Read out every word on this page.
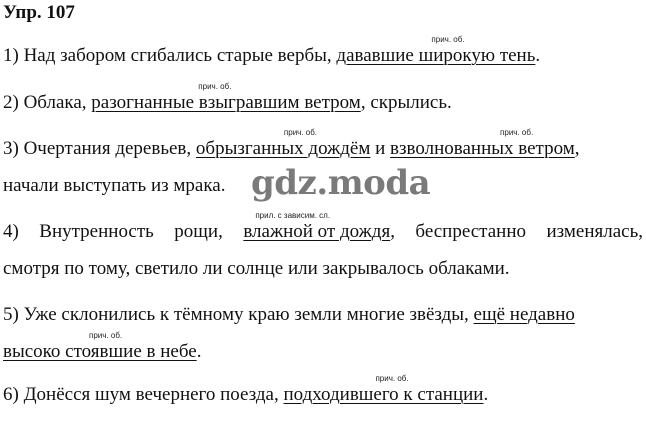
Упр. 107
1) Над забором сгибались старые вербы, дававшие широкую тень
прич. об.
.
2) Облака, разогнанные взыгравшим ветром
прич. об.
, скрылись.
3) Очертания деревьев, обрызганных дождём
прич. об.
и взволнованных ветром
прич. об.
,
начали выступать из мрака. gdz.moda
4) Внутренность рощи, влажной от дождя
прил. с зависим. сл.
, беспрестанно изменялась,
смотря по тому, светило ли солнце или закрывалось облаками.
5) Уже склонились к тёмному краю земли многие звёзды, ещё недавно
высоко стоявшие в небе
прич. об.
.
6) Донёсся шум вечернего поезда, подходившего к станции
прич. об.
.
